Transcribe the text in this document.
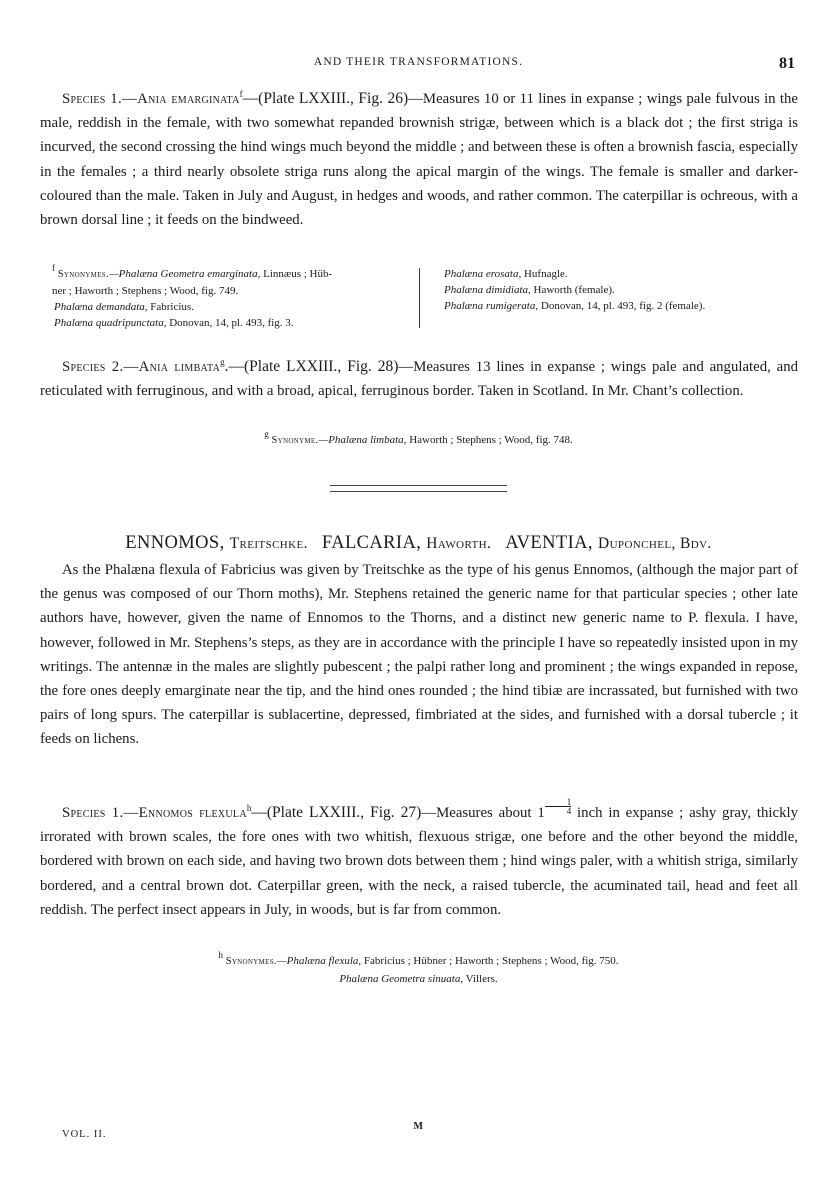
AND THEIR TRANSFORMATIONS.	81

Species 1.—Ania emarginata$^f$—(Plate LXXIII., Fig. 26)—Measures 10 or 11 lines in expanse ; wings pale fulvous in the male, reddish in the female, with two somewhat repanded brownish strigæ, between which is a black dot ; the first striga is incurved, the second crossing the hind wings much beyond the middle ; and between these is often a brownish fascia, especially in the females ; a third nearly obsolete striga runs along the apical margin of the wings. The female is smaller and darker-coloured than the male. Taken in July and August, in hedges and woods, and rather common. The caterpillar is ochreous, with a brown dorsal line ; it feeds on the bindweed.

$^f$ Synonymes.—Phalæna Geometra emarginata, Linnæus ; Hüb-
ner ; Haworth ; Stephens ; Wood, fig. 749.
Phalæna demandata, Fabricius.
Phalæna quadripunctata, Donovan, 14, pl. 493, fig. 3.
Phalæna erosata, Hufnagle.
Phalæna dimidiata, Haworth (female).
Phalæna rumigerata, Donovan, 14, pl. 493, fig. 2 (female).

Species 2.—Ania limbata$^g$.—(Plate LXXIII., Fig. 28)—Measures 13 lines in expanse ; wings pale and angulated, and reticulated with ferruginous, and with a broad, apical, ferruginous border. Taken in Scotland. In Mr. Chant’s collection.

$^g$ Synonyme.—Phalæna limbata, Haworth ; Stephens ; Wood, fig. 748.
ENNOMOS, Treitschke. FALCARIA, Haworth. AVENTIA, Duponchel, Bdv.

As the Phalæna flexula of Fabricius was given by Treitschke as the type of his genus Ennomos, (although the major part of the genus was composed of our Thorn moths), Mr. Stephens retained the generic name for that particular species ; other late authors have, however, given the name of Ennomos to the Thorns, and a distinct new generic name to P. flexula. I have, however, followed in Mr. Stephens’s steps, as they are in accordance with the principle I have so repeatedly insisted upon in my writings. The antennæ in the males are slightly pubescent ; the palpi rather long and prominent ; the wings expanded in repose, the fore ones deeply emarginate near the tip, and the hind ones rounded ; the hind tibiæ are incrassated, but furnished with two pairs of long spurs. The caterpillar is sublacertine, depressed, fimbriated at the sides, and furnished with a dorsal tubercle ; it feeds on lichens.

Species 1.—Ennomos flexula$^h$—(Plate LXXIII., Fig. 27)—Measures about $1 \frac{1}{4}$ inch in expanse ; ashy gray, thickly irrorated with brown scales, the fore ones with two whitish, flexuous strigæ, one before and the other beyond the middle, bordered with brown on each side, and having two brown dots between them ; hind wings paler, with a whitish striga, similarly bordered, and a central brown dot. Caterpillar green, with the neck, a raised tubercle, the acuminated tail, head and feet all reddish. The perfect insect appears in July, in woods, but is far from common.

$^h$ Synonymes.—Phalæna flexula, Fabricius ; Hübner ; Haworth ; Stephens ; Wood, fig. 750.
Phalæna Geometra sinuata, Villers.
VOL. II.
M
